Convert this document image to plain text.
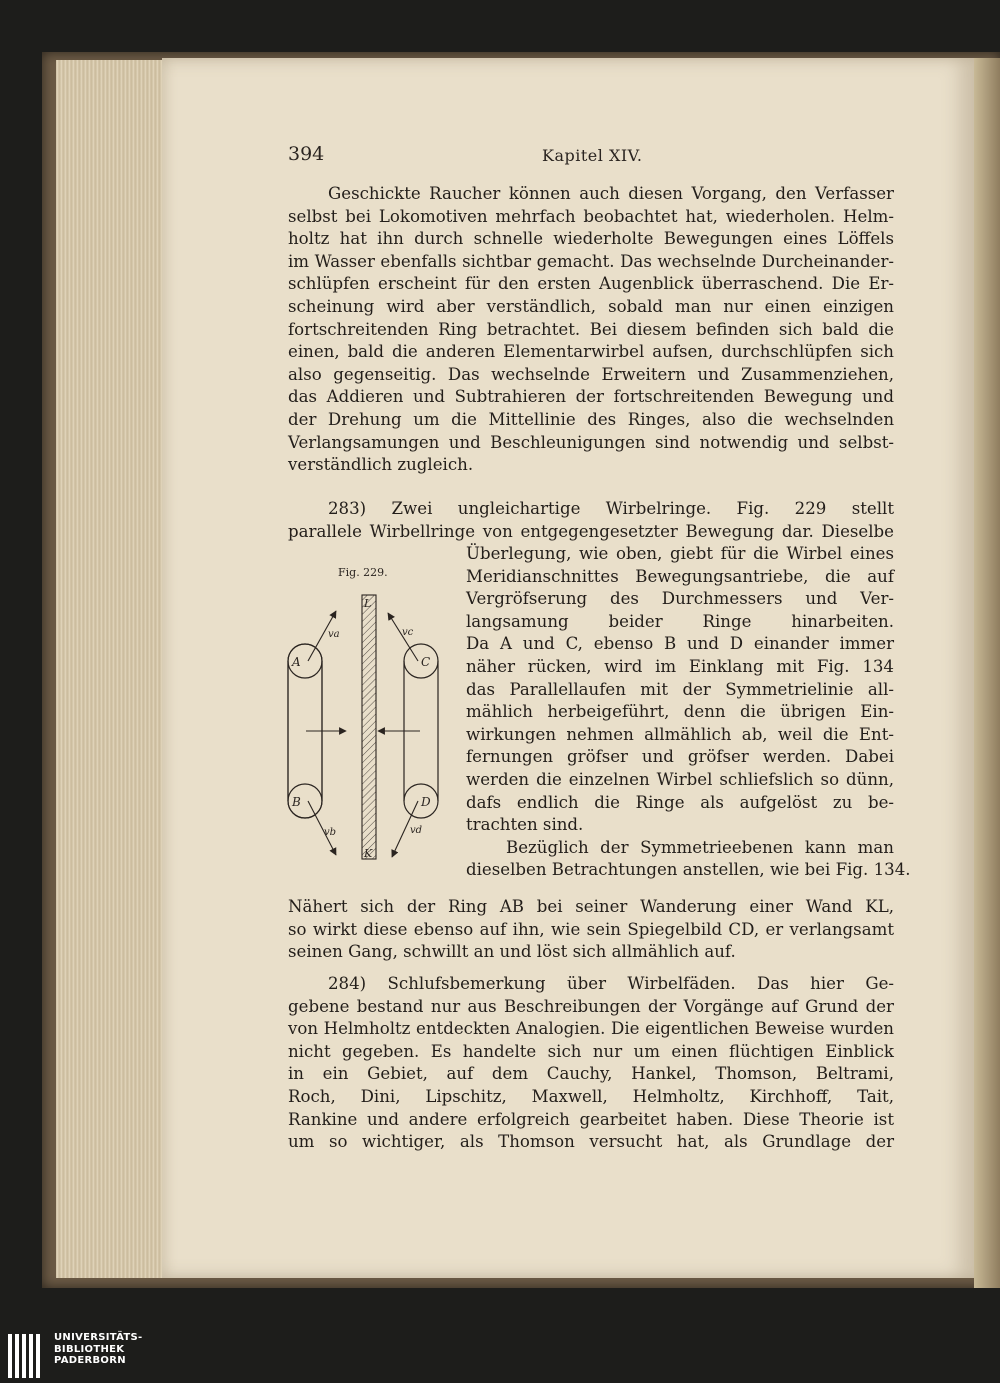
394	Kapitel XIV.
Geschickte Raucher können auch diesen Vorgang, den Verfasser
selbst bei Lokomotiven mehrfach beobachtet hat, wiederholen. Helm-
holtz hat ihn durch schnelle wiederholte Bewegungen eines Löffels
im Wasser ebenfalls sichtbar gemacht. Das wechselnde Durcheinander-
schlüpfen erscheint für den ersten Augenblick überraschend. Die Er-
scheinung wird aber verständlich, sobald man nur einen einzigen
fortschreitenden Ring betrachtet. Bei diesem befinden sich bald die
einen, bald die anderen Elementarwirbel aufsen, durchschlüpfen sich
also gegenseitig. Das wechselnde Erweitern und Zusammenziehen,
das Addieren und Subtrahieren der fortschreitenden Bewegung und
der Drehung um die Mittellinie des Ringes, also die wechselnden
Verlangsamungen und Beschleunigungen sind notwendig und selbst-
verständlich zugleich.
283) Zwei ungleichartige Wirbelringe. Fig. 229 stellt
parallele Wirbellringe von entgegengesetzter Bewegung dar. Dieselbe
Überlegung, wie oben, giebt für die Wirbel eines
Meridianschnittes Bewegungsantriebe, die auf
Vergröfserung des Durchmessers und Ver-
langsamung beider Ringe hinarbeiten.
Da A und C, ebenso B und D einander immer
näher rücken, wird im Einklang mit Fig. 134
das Parallellaufen mit der Symmetrielinie all-
mählich herbeigeführt, denn die übrigen Ein-
wirkungen nehmen allmählich ab, weil die Ent-
fernungen gröfser und gröfser werden. Dabei
werden die einzelnen Wirbel schliefslich so dünn,
dafs endlich die Ringe als aufgelöst zu be-
trachten sind.
Bezüglich der Symmetrieebenen kann man
dieselben Betrachtungen anstellen, wie bei Fig. 134.
Nähert sich der Ring AB bei seiner Wanderung einer Wand KL,
so wirkt diese ebenso auf ihn, wie sein Spiegelbild CD, er verlangsamt
seinen Gang, schwillt an und löst sich allmählich auf.
284) Schlufsbemerkung über Wirbelfäden. Das hier Ge-
gebene bestand nur aus Beschreibungen der Vorgänge auf Grund der
von Helmholtz entdeckten Analogien. Die eigentlichen Beweise wurden
nicht gegeben. Es handelte sich nur um einen flüchtigen Einblick
in ein Gebiet, auf dem Cauchy, Hankel, Thomson, Beltrami,
Roch, Dini, Lipschitz, Maxwell, Helmholtz, Kirchhoff, Tait,
Rankine und andere erfolgreich gearbeitet haben. Diese Theorie ist
um so wichtiger, als Thomson versucht hat, als Grundlage der
Fig. 229.
A	C
B	D
L
K
va	vc
vb	vd
UNIVERSITÄTS-
BIBLIOTHEK
PADERBORN
